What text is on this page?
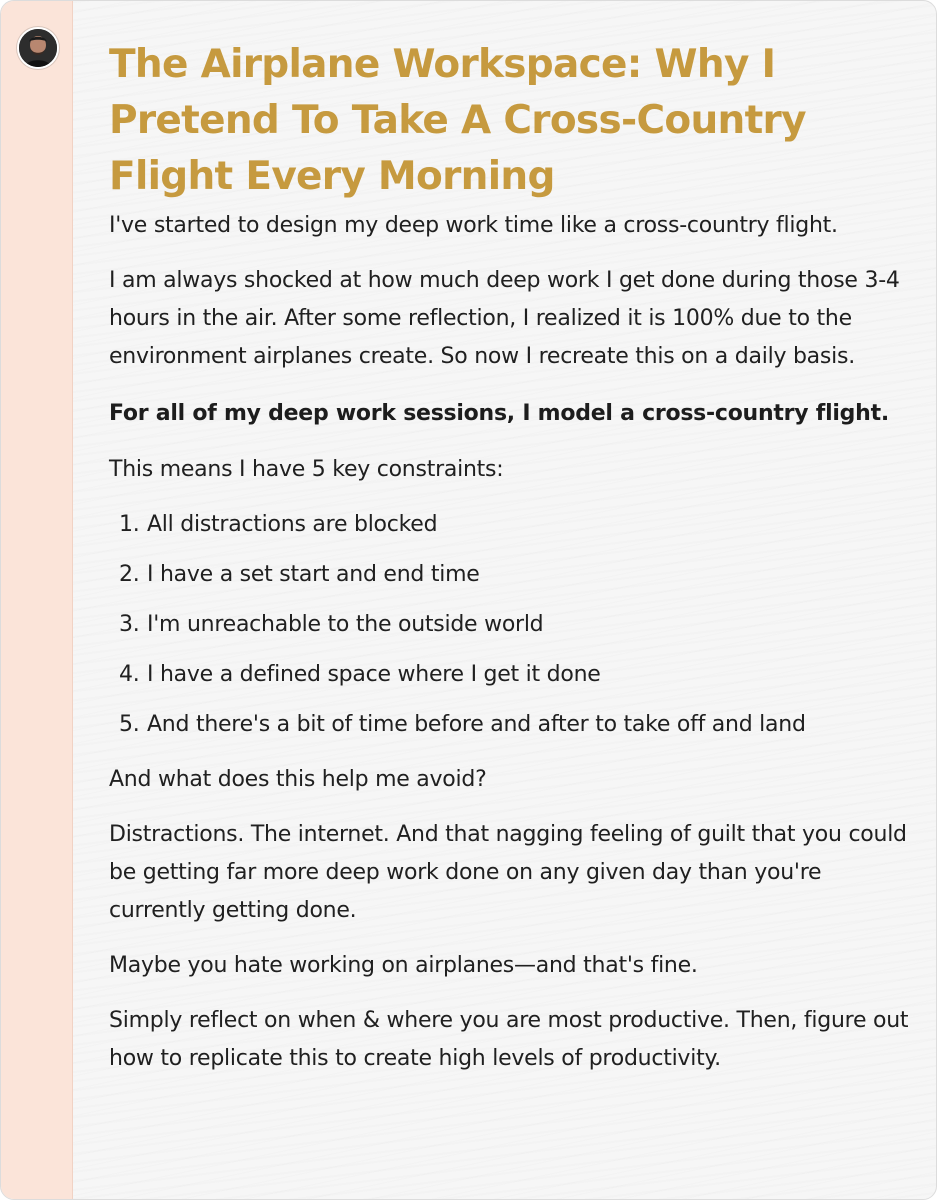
The Airplane Workspace: Why I Pretend To Take A Cross-Country Flight Every Morning

I've started to design my deep work time like a cross-country flight.

I am always shocked at how much deep work I get done during those 3-4 hours in the air. After some reflection, I realized it is 100% due to the environment airplanes create. So now I recreate this on a daily basis.

For all of my deep work sessions, I model a cross-country flight.

This means I have 5 key constraints:

1. All distractions are blocked
2. I have a set start and end time
3. I'm unreachable to the outside world
4. I have a defined space where I get it done
5. And there's a bit of time before and after to take off and land

And what does this help me avoid?

Distractions. The internet. And that nagging feeling of guilt that you could be getting far more deep work done on any given day than you're currently getting done.

Maybe you hate working on airplanes—and that's fine.

Simply reflect on when & where you are most productive. Then, figure out how to replicate this to create high levels of productivity.
